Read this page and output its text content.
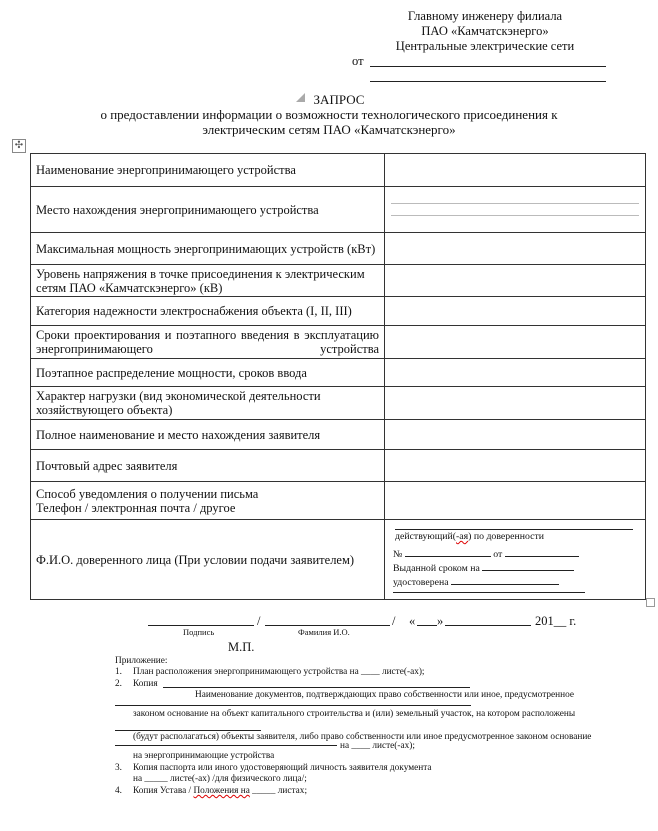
Главному инженеру филиала
ПАО «Камчатскэнерго»
Центральные электрические сети
от
ЗАПРОС
о предоставлении информации о возможности технологического присоединения к
электрическим сетям ПАО «Камчатскэнерго»
✣
Наименование энергопринимающего устройства	
Место нахождения энергопринимающего устройства	

Максимальная мощность энергопринимающих устройств (кВт)	
Уровень напряжения в точке присоединения к электрическим сетям ПАО «Камчатскэнерго» (кВ)	
Категория надежности электроснабжения объекта (I, II, III)	

Сроки проектирования и поэтапного введения в эксплуатацию энергопринимающего устройства	

Поэтапное распределение мощности, сроков ввода	
Характер нагрузки (вид экономической деятельности хозяйствующего объекта)	
Полное наименование и место нахождения заявителя	
Почтовый адрес заявителя	

Способ уведомления о получении письма
Телефон / электронная почта / другое	

Ф.И.О. доверенного лица (При условии подачи заявителем)	действующий(-ая) по доверенности
№ от
Выданной сроком на
удостоверена
/	/ « »	201__ г.
Подпись	Фамилия И.О.
М.П.
Приложение:
1. План расположения энергопринимающего устройства на ____ листе(-ах);
2. Копия
Наименование документов, подтверждающих право собственности или иное, предусмотренное
законом основание на объект капитального строительства и (или) земельный участок, на котором расположены
(будут располагаться) объекты заявителя, либо право собственности или иное предусмотренное законом основание
на ____ листе(-ах);
на энергопринимающие устройства
3. Копия паспорта или иного удостоверяющий личность заявителя документа
на _____ листе(-ах) /для физического лица/;
4. Копия Устава / Положения на _____ листах;
